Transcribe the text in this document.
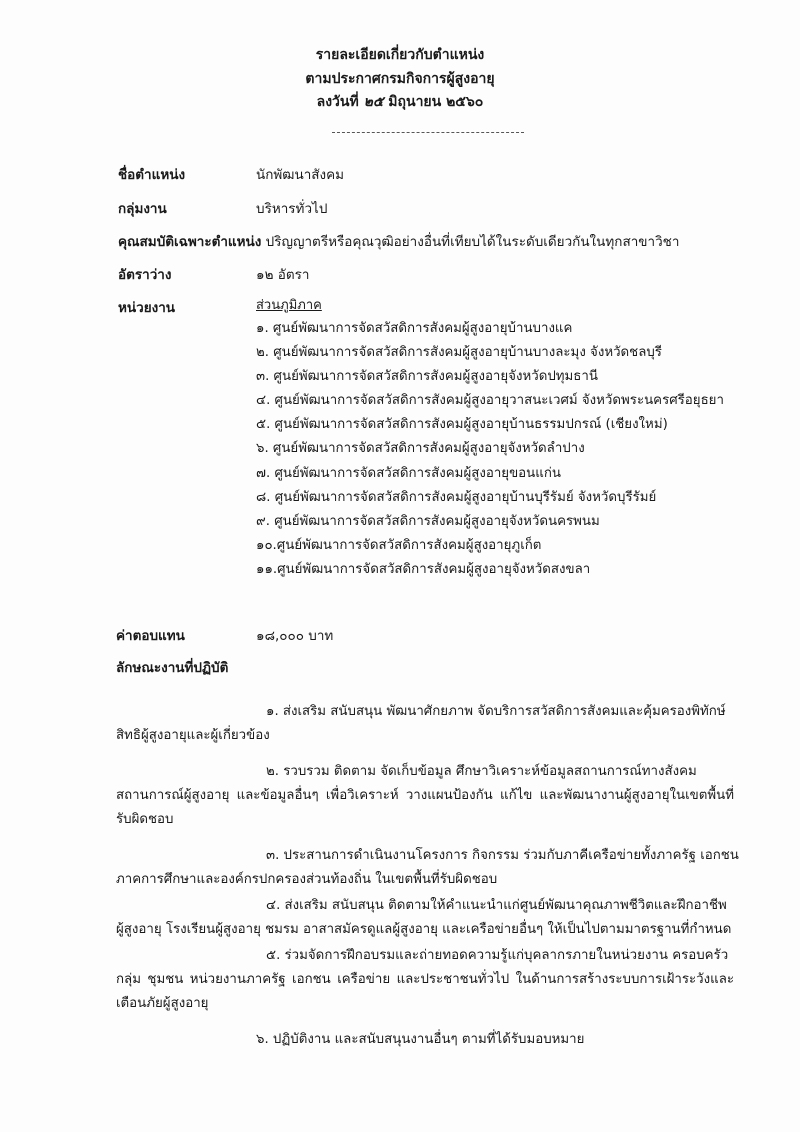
รายละเอียดเกี่ยวกับตำแหน่ง
ตามประกาศกรมกิจการผู้สูงอายุ
ลงวันที่ ๒๕ มิถุนายน ๒๕๖๐
ชื่อตำแหน่ง	นักพัฒนาสังคม
กลุ่มงาน	บริหารทั่วไป
คุณสมบัติเฉพาะตำแหน่ง ปริญญาตรีหรือคุณวุฒิอย่างอื่นที่เทียบได้ในระดับเดียวกันในทุกสาขาวิชา
อัตราว่าง	๑๒ อัตรา
หน่วยงาน	ส่วนภูมิภาค
๑. ศูนย์พัฒนาการจัดสวัสดิการสังคมผู้สูงอายุบ้านบางแค
๒. ศูนย์พัฒนาการจัดสวัสดิการสังคมผู้สูงอายุบ้านบางละมุง จังหวัดชลบุรี
๓. ศูนย์พัฒนาการจัดสวัสดิการสังคมผู้สูงอายุจังหวัดปทุมธานี
๔. ศูนย์พัฒนาการจัดสวัสดิการสังคมผู้สูงอายุวาสนะเวศม์ จังหวัดพระนครศรีอยุธยา
๕. ศูนย์พัฒนาการจัดสวัสดิการสังคมผู้สูงอายุบ้านธรรมปกรณ์ (เชียงใหม่)
๖. ศูนย์พัฒนาการจัดสวัสดิการสังคมผู้สูงอายุจังหวัดลำปาง
๗. ศูนย์พัฒนาการจัดสวัสดิการสังคมผู้สูงอายุขอนแก่น
๘. ศูนย์พัฒนาการจัดสวัสดิการสังคมผู้สูงอายุบ้านบุรีรัมย์ จังหวัดบุรีรัมย์
๙. ศูนย์พัฒนาการจัดสวัสดิการสังคมผู้สูงอายุจังหวัดนครพนม
๑๐.ศูนย์พัฒนาการจัดสวัสดิการสังคมผู้สูงอายุภูเก็ต
๑๑.ศูนย์พัฒนาการจัดสวัสดิการสังคมผู้สูงอายุจังหวัดสงขลา
ค่าตอบแทน	๑๘,๐๐๐ บาท
ลักษณะงานที่ปฏิบัติ
๑. ส่งเสริม สนับสนุน พัฒนาศักยภาพ จัดบริการสวัสดิการสังคมและคุ้มครองพิทักษ์
สิทธิผู้สูงอายุและผู้เกี่ยวข้อง
๒. รวบรวม ติดตาม จัดเก็บข้อมูล ศึกษาวิเคราะห์ข้อมูลสถานการณ์ทางสังคม
สถานการณ์ผู้สูงอายุ และข้อมูลอื่นๆ เพื่อวิเคราะห์ วางแผนป้องกัน แก้ไข และพัฒนางานผู้สูงอายุในเขตพื้นที่รับผิดชอบ
๓. ประสานการดำเนินงานโครงการ กิจกรรม ร่วมกับภาคีเครือข่ายทั้งภาครัฐ เอกชน
ภาคการศึกษาและองค์กรปกครองส่วนท้องถิ่น ในเขตพื้นที่รับผิดชอบ
๔. ส่งเสริม สนับสนุน ติดตามให้คำแนะนำแก่ศูนย์พัฒนาคุณภาพชีวิตและฝึกอาชีพ
ผู้สูงอายุ โรงเรียนผู้สูงอายุ ชมรม อาสาสมัครดูแลผู้สูงอายุ และเครือข่ายอื่นๆ ให้เป็นไปตามมาตรฐานที่กำหนด
๕. ร่วมจัดการฝึกอบรมและถ่ายทอดความรู้แก่บุคลากรภายในหน่วยงาน ครอบครัว
กลุ่ม ชุมชน หน่วยงานภาครัฐ เอกชน เครือข่าย และประชาชนทั่วไป ในด้านการสร้างระบบการเฝ้าระวังและเตือนภัยผู้สูงอายุ
๖. ปฏิบัติงาน และสนับสนุนงานอื่นๆ ตามที่ได้รับมอบหมาย
